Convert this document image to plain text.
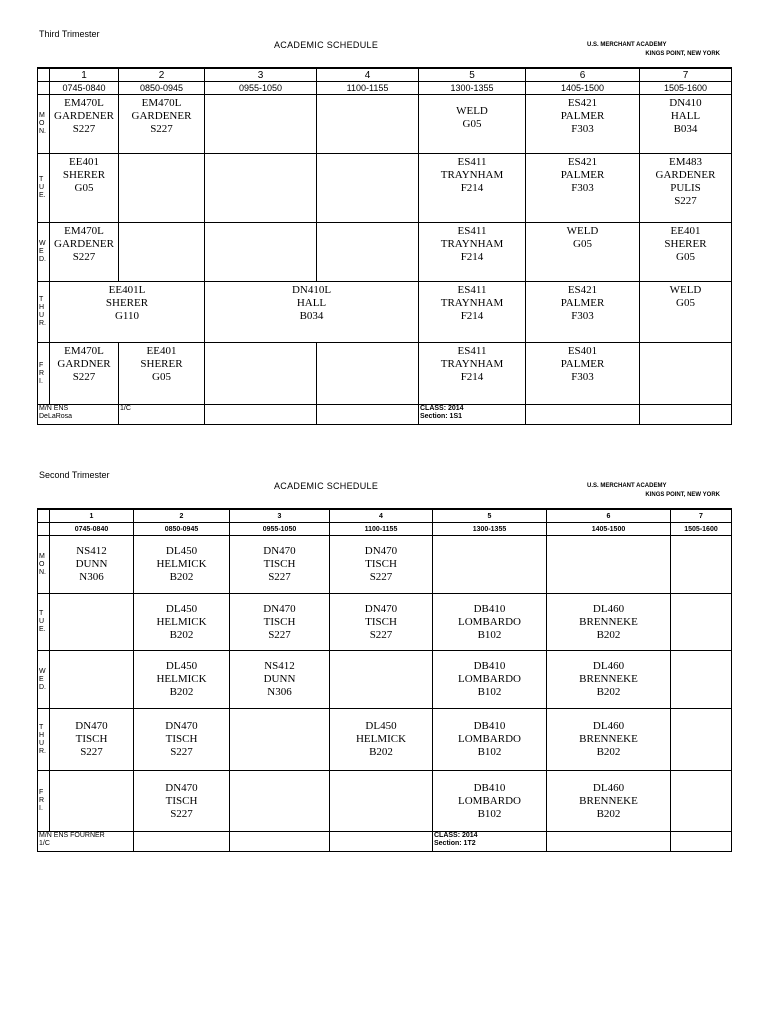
Third Trimester
ACADEMIC SCHEDULE	U.S. MERCHANT ACADEMY
KINGS POINT, NEW YORK
	1	2	3	4	5	6	7
	0745-0840	0850-0945	0955-1050	1100-1155	1300-1355	1405-1500	1505-1600
M
O
N.	EM470L
GARDENER
S227	EM470L
GARDENER
S227			WELD
G05	ES421
PALMER
F303	DN410
HALL
B034
T
U
E.	EE401
SHERER
G05				ES411
TRAYNHAM
F214	ES421
PALMER
F303	EM483
GARDENER
PULIS
S227
W
E
D.	EM470L
GARDENER
S227				ES411
TRAYNHAM
F214	WELD
G05	EE401
SHERER
G05
T
H
U
R.	EE401L
SHERER
G110		DN410L
HALL
B034		ES411
TRAYNHAM
F214	ES421
PALMER
F303	WELD
G05
F
R
I.	EM470L
GARDNER
S227	EE401
SHERER
G05			ES411
TRAYNHAM
F214	ES401
PALMER
F303	
M/N ENS
DeLaRosa		1/C			CLASS: 2014
Section: 1S1		
Second Trimester
ACADEMIC SCHEDULE	U.S. MERCHANT ACADEMY
KINGS POINT, NEW YORK
	1	2	3	4	5	6	7
	0745-0840	0850-0945	0955-1050	1100-1155	1300-1355	1405-1500	1505-1600
M
O
N.	NS412
DUNN
N306	DL450
HELMICK
B202	DN470
TISCH
S227	DN470
TISCH
S227			
T
U
E.		DL450
HELMICK
B202	DN470
TISCH
S227	DN470
TISCH
S227	DB410
LOMBARDO
B102	DL460
BRENNEKE
B202	
W
E
D.		DL450
HELMICK
B202	NS412
DUNN
N306		DB410
LOMBARDO
B102	DL460
BRENNEKE
B202	
T
H
U
R.	DN470
TISCH
S227	DN470
TISCH
S227		DL450
HELMICK
B202	DB410
LOMBARDO
B102	DL460
BRENNEKE
B202	
F
R
I.		DN470
TISCH
S227			DB410
LOMBARDO
B102	DL460
BRENNEKE
B202	
M/N ENS FOURNER
1/C					CLASS: 2014
Section: 1T2		
